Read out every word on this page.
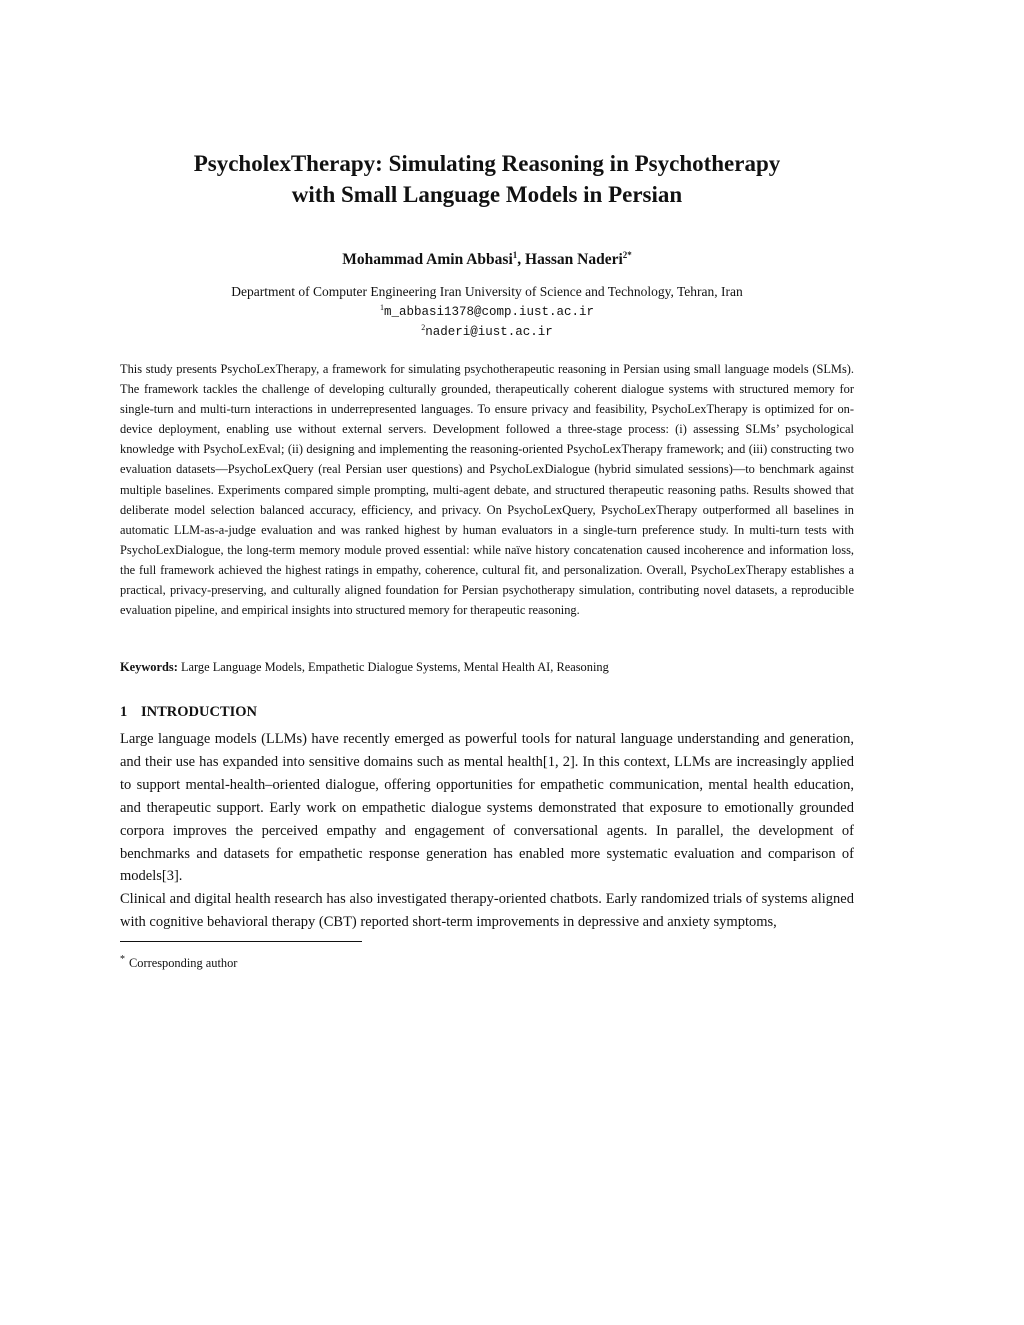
PsycholexTherapy: Simulating Reasoning in Psychotherapy
with Small Language Models in Persian
Mohammad Amin Abbasi$^1$, Hassan Naderi$^{2*}$
Department of Computer Engineering Iran University of Science and Technology, Tehran, Iran
$^1$m_abbasi1378@comp.iust.ac.ir
$^2$naderi@iust.ac.ir

This study presents PsychoLexTherapy, a framework for simulating psychotherapeutic reasoning in Persian using small language models (SLMs). The framework tackles the challenge of developing culturally grounded, therapeutically coherent dialogue systems with structured memory for single-turn and multi-turn interactions in underrepresented languages. To ensure privacy and feasibility, PsychoLexTherapy is optimized for on-device deployment, enabling use without external servers. Development followed a three-stage process: (i) assessing SLMs’ psychological knowledge with PsychoLexEval; (ii) designing and implementing the reasoning-oriented PsychoLexTherapy framework; and (iii) constructing two evaluation datasets—PsychoLexQuery (real Persian user questions) and PsychoLexDialogue (hybrid simulated sessions)—to benchmark against multiple baselines. Experiments compared simple prompting, multi-agent debate, and structured therapeutic reasoning paths. Results showed that deliberate model selection balanced accuracy, efficiency, and privacy. On PsychoLexQuery, PsychoLexTherapy outperformed all baselines in automatic LLM-as-a-judge evaluation and was ranked highest by human evaluators in a single-turn preference study. In multi-turn tests with PsychoLexDialogue, the long-term memory module proved essential: while naïve history concatenation caused incoherence and information loss, the full framework achieved the highest ratings in empathy, coherence, cultural fit, and personalization. Overall, PsychoLexTherapy establishes a practical, privacy-preserving, and culturally aligned foundation for Persian psychotherapy simulation, contributing novel datasets, a reproducible evaluation pipeline, and empirical insights into structured memory for therapeutic reasoning.

Keywords: Large Language Models, Empathetic Dialogue Systems, Mental Health AI, Reasoning

1 INTRODUCTION

Large language models (LLMs) have recently emerged as powerful tools for natural language understanding and generation, and their use has expanded into sensitive domains such as mental health[1, 2]. In this context, LLMs are increasingly applied to support mental-health–oriented dialogue, offering opportunities for empathetic communication, mental health education, and therapeutic support. Early work on empathetic dialogue systems demonstrated that exposure to emotionally grounded corpora improves the perceived empathy and engagement of conversational agents. In parallel, the development of benchmarks and datasets for empathetic response generation has enabled more systematic evaluation and comparison of models[3].

Clinical and digital health research has also investigated therapy-oriented chatbots. Early randomized trials of systems aligned with cognitive behavioral therapy (CBT) reported short-term improvements in depressive and anxiety symptoms,

* Corresponding author
